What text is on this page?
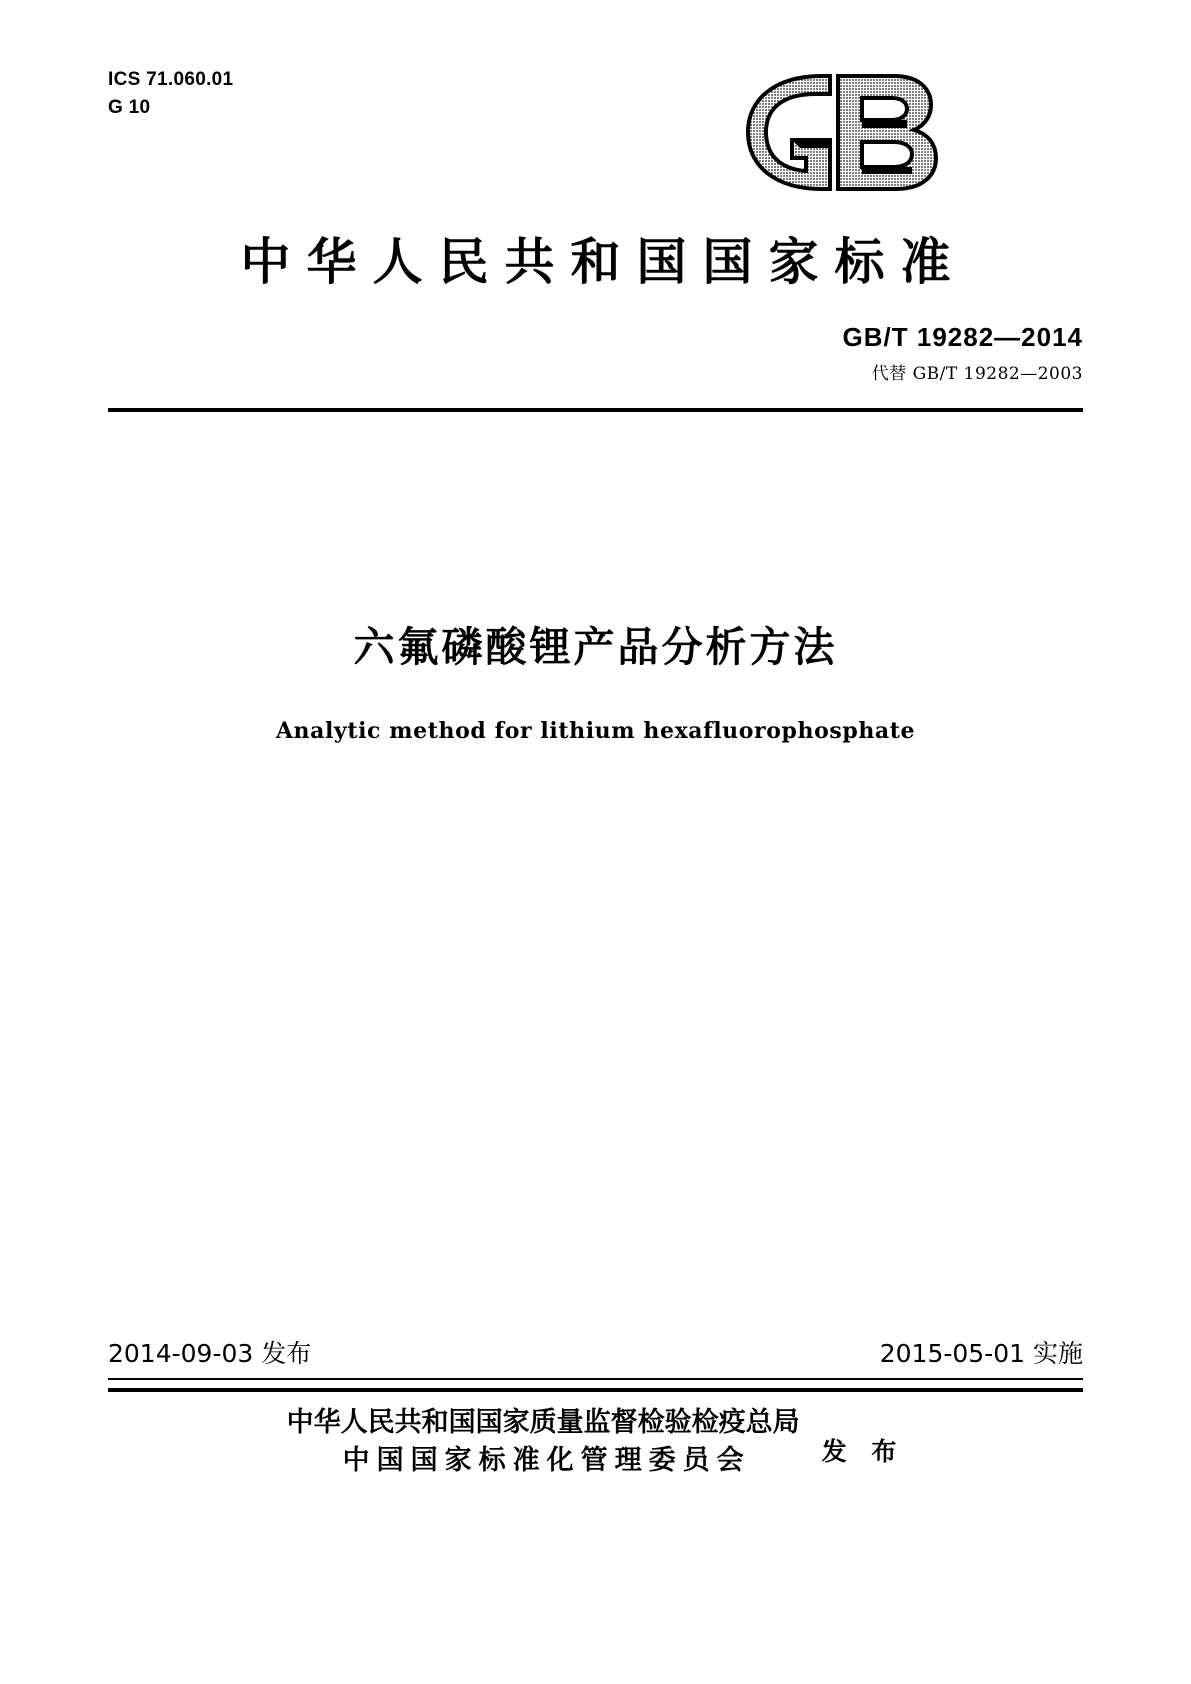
ICS 71.060.01
G 10
中华人民共和国国家标准
GB/T 19282—2014
代替 GB/T 19282—2003
六氟磷酸锂产品分析方法
Analytic method for lithium hexafluorophosphate
2014-09-03 发布	2015-05-01 实施
中华人民共和国国家质量监督检验检疫总局
中国国家标准化管理委员会	发 布
